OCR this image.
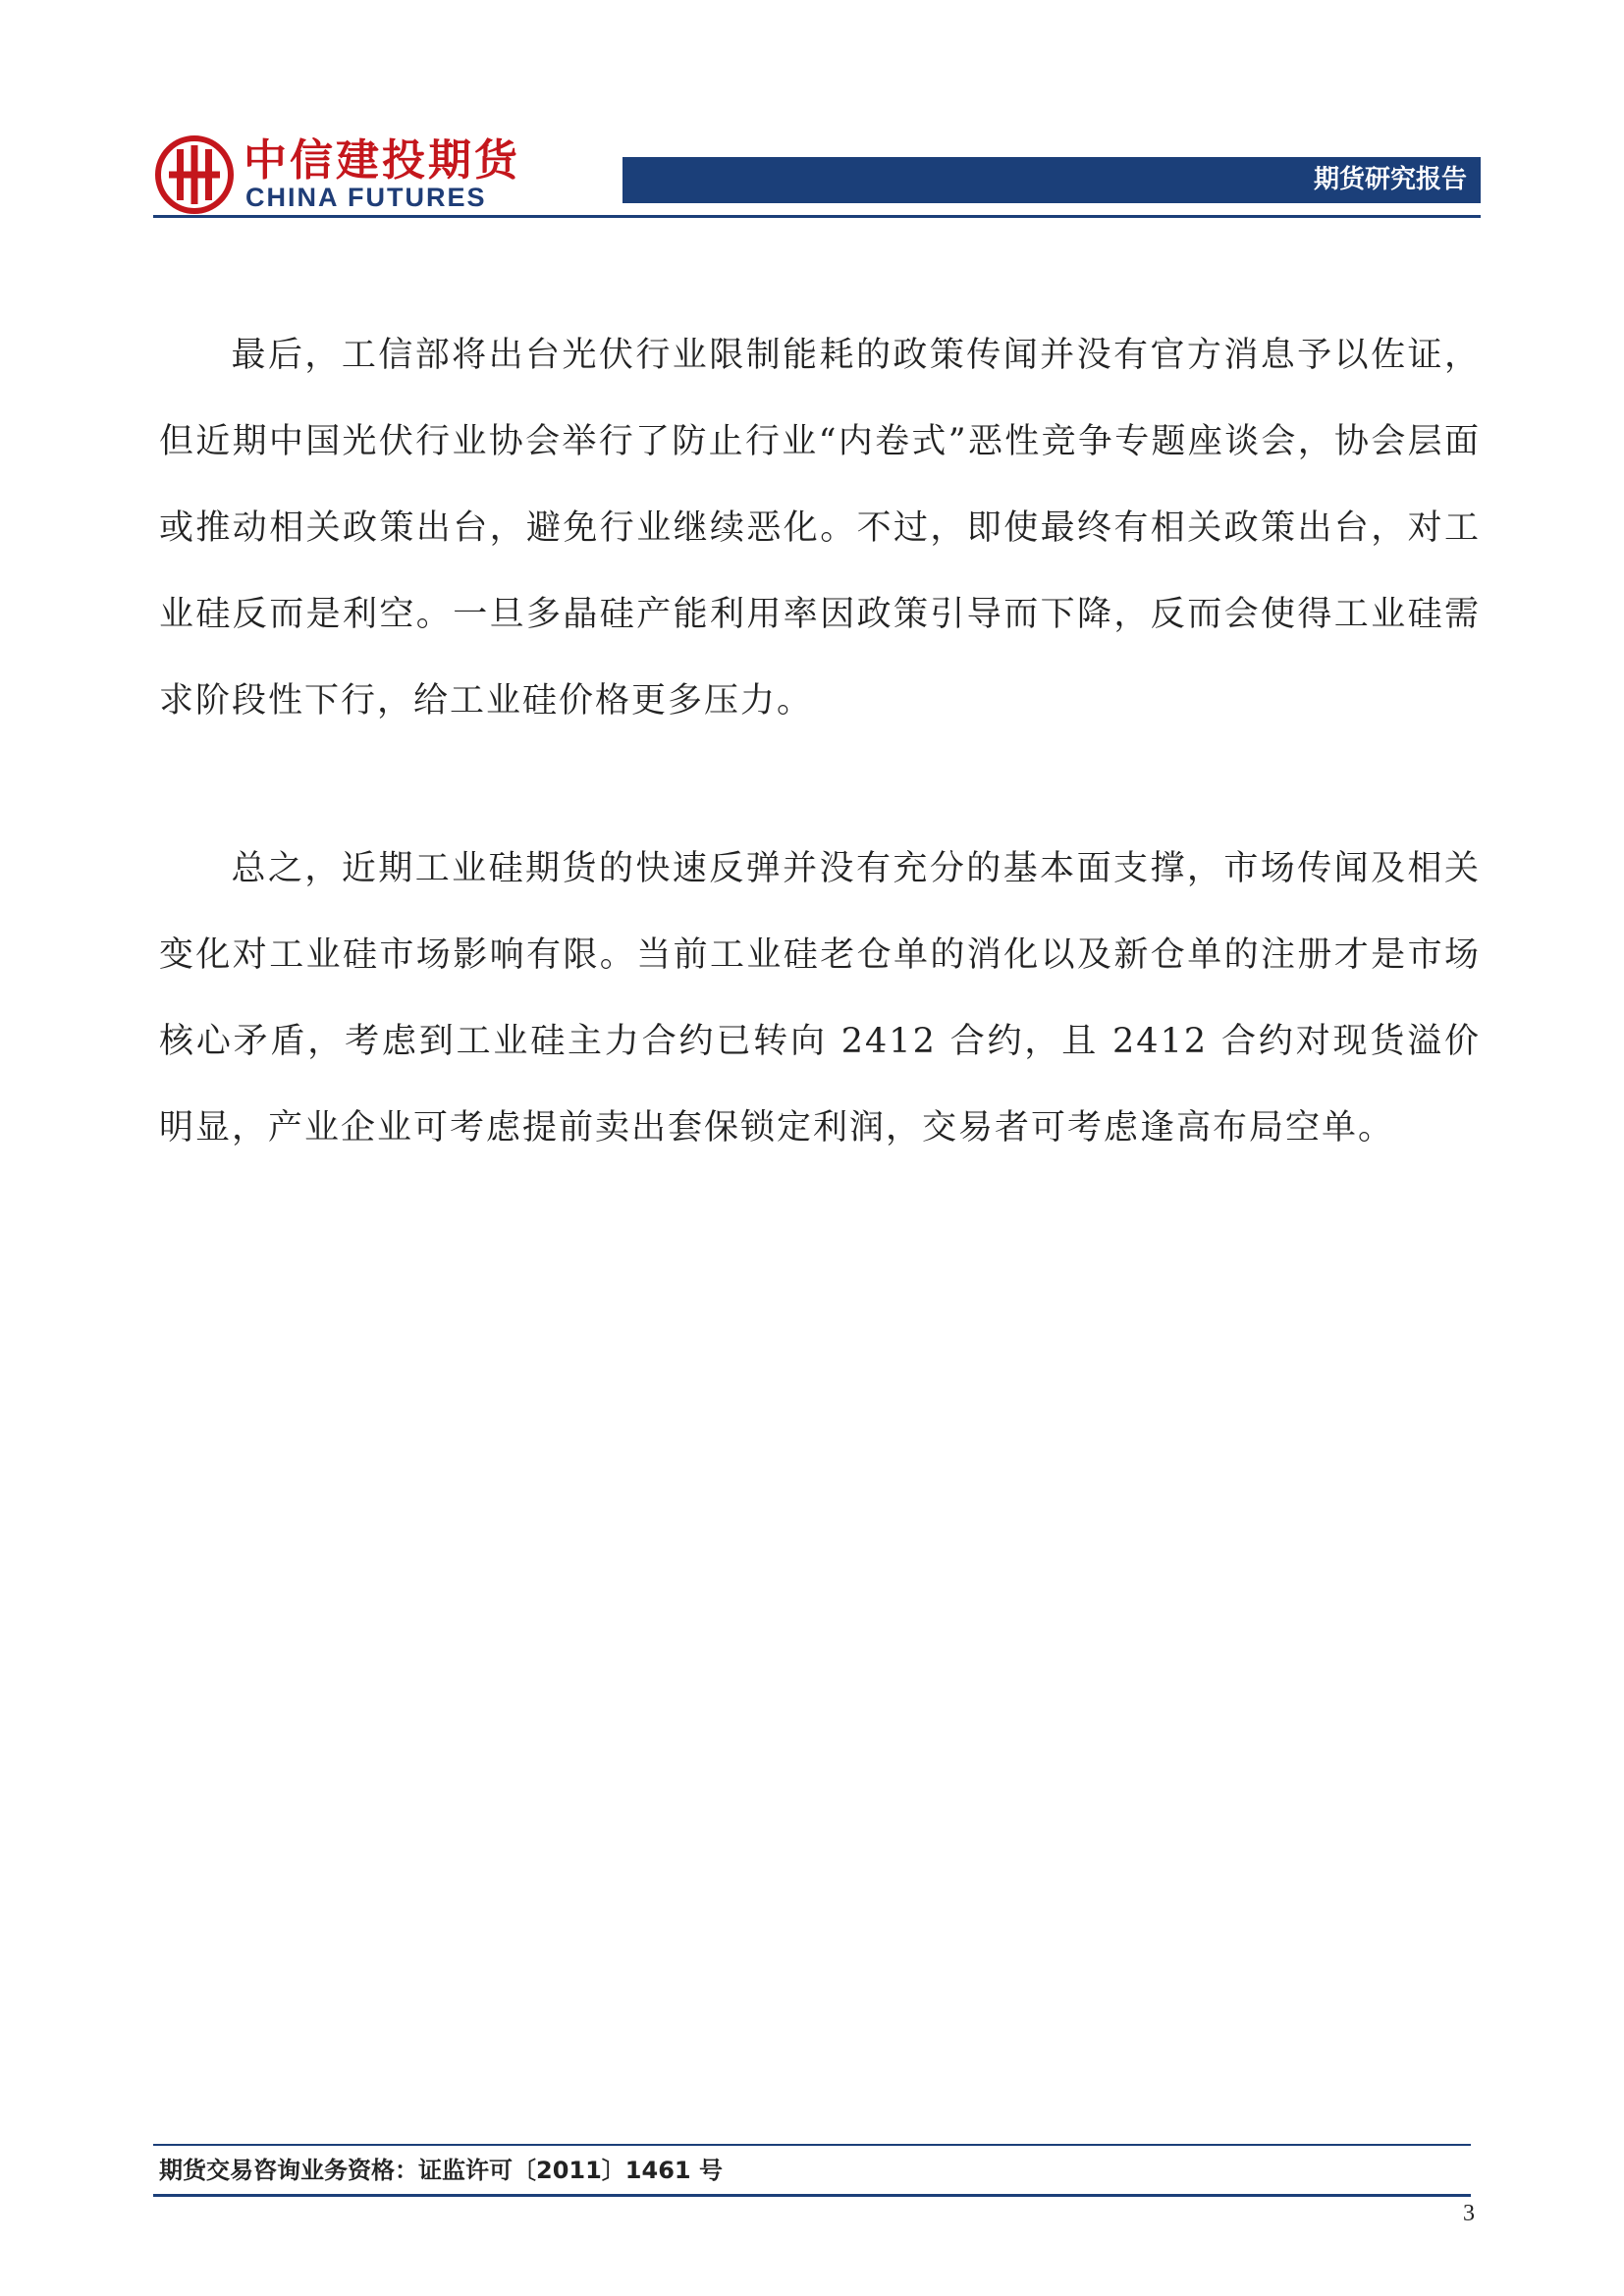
中信建投期货
CHINA FUTURES
期货研究报告

最后，工信部将出台光伏行业限制能耗的政策传闻并没有官方消息予以佐证，但近期中国光伏行业协会举行了防止行业“内卷式”恶性竞争专题座谈会，协会层面或推动相关政策出台，避免行业继续恶化。不过，即使最终有相关政策出台，对工业硅反而是利空。一旦多晶硅产能利用率因政策引导而下降，反而会使得工业硅需求阶段性下行，给工业硅价格更多压力。

总之，近期工业硅期货的快速反弹并没有充分的基本面支撑，市场传闻及相关变化对工业硅市场影响有限。当前工业硅老仓单的消化以及新仓单的注册才是市场核心矛盾，考虑到工业硅主力合约已转向 2412 合约，且 2412 合约对现货溢价明显，产业企业可考虑提前卖出套保锁定利润，交易者可考虑逢高布局空单。

期货交易咨询业务资格：证监许可〔2011〕1461 号
3
